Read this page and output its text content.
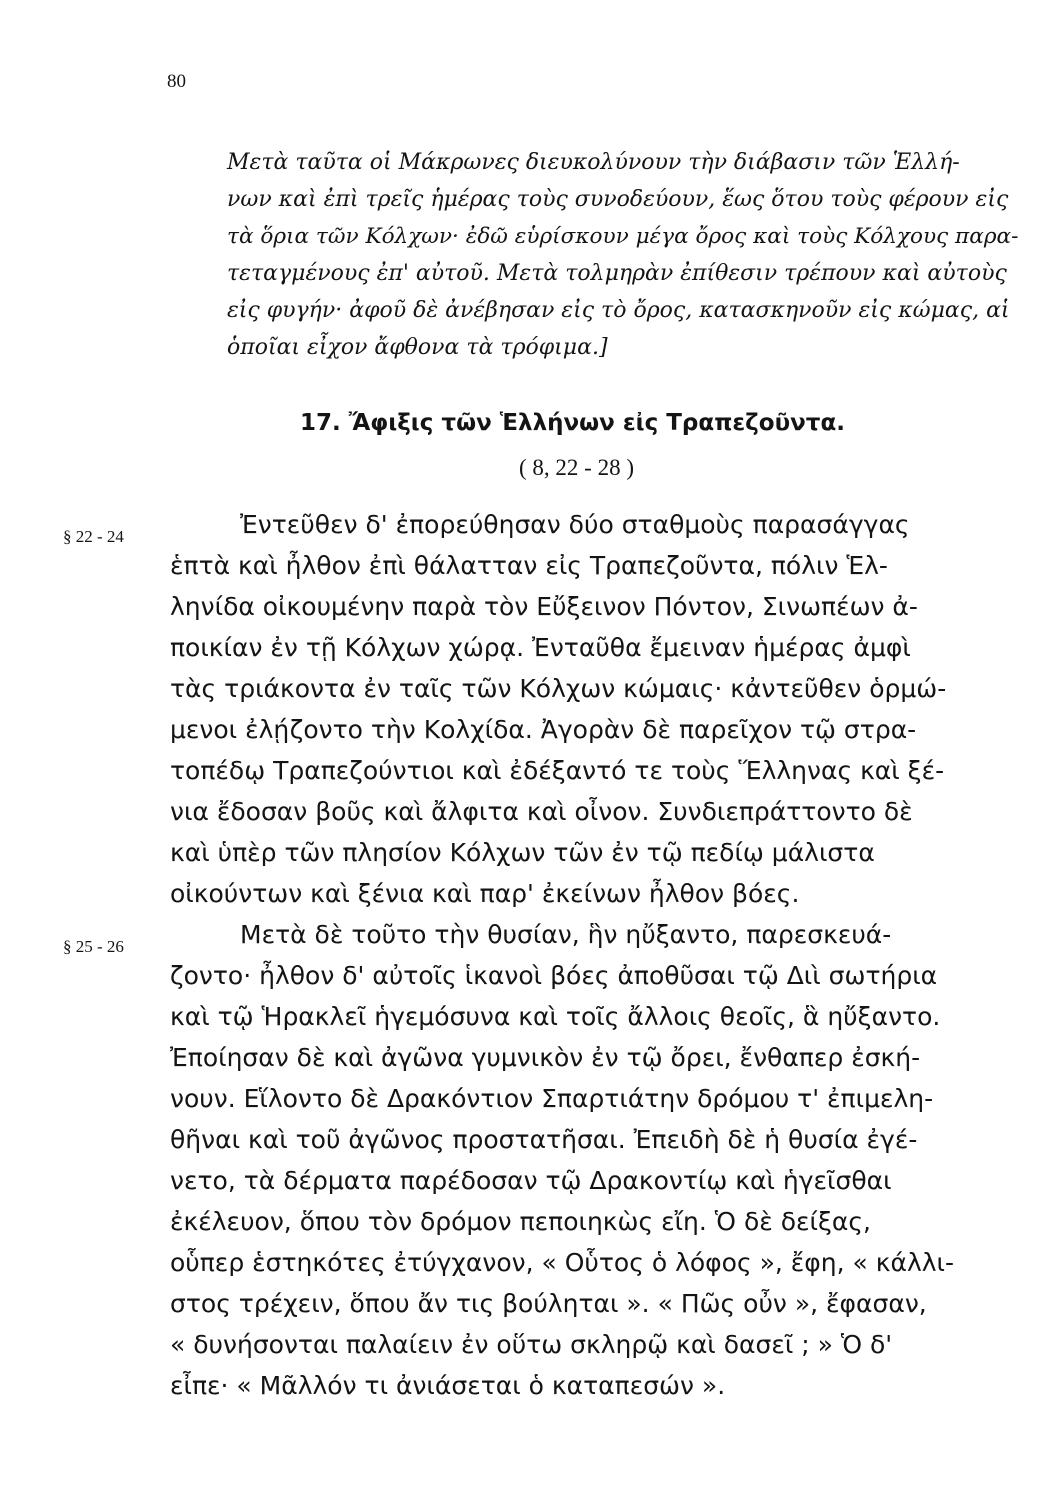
80
Μετὰ ταῦτα οἱ Μάκρωνες διευκολύνουν τὴν διάβασιν τῶν Ἑλλή-
νων καὶ ἐπὶ τρεῖς ἡμέρας τοὺς συνοδεύουν, ἕως ὅτου τοὺς φέρουν εἰς
τὰ ὅρια τῶν Κόλχων· ἐδῶ εὑρίσκουν μέγα ὄρος καὶ τοὺς Κόλχους παρα-
τεταγμένους ἐπ' αὐτοῦ. Μετὰ τολμηρὰν ἐπίθεσιν τρέπουν καὶ αὐτοὺς
εἰς φυγήν· ἀφοῦ δὲ ἀνέβησαν εἰς τὸ ὄρος, κατασκηνοῦν εἰς κώμας, αἱ
ὁποῖαι εἶχον ἄφθονα τὰ τρόφιμα.]
17. Ἄφιξις τῶν Ἑλλήνων εἰς Τραπεζοῦντα.
( 8, 22 - 28 )
§ 22 - 24
§ 25 - 26
Ἐντεῦθεν δ' ἐπορεύθησαν δύο σταθμοὺς παρασάγγας
ἑπτὰ καὶ ἦλθον ἐπὶ θάλατταν εἰς Τραπεζοῦντα, πόλιν Ἑλ-
ληνίδα οἰκουμένην παρὰ τὸν Εὔξεινον Πόντον, Σινωπέων ἀ-
ποικίαν ἐν τῇ Κόλχων χώρᾳ. Ἐνταῦθα ἔμειναν ἡμέρας ἀμφὶ
τὰς τριάκοντα ἐν ταῖς τῶν Κόλχων κώμαις· κἀντεῦθεν ὁρμώ-
μενοι ἐλῄζοντο τὴν Κολχίδα. Ἀγορὰν δὲ παρεῖχον τῷ στρα-
τοπέδῳ Τραπεζούντιοι καὶ ἐδέξαντό τε τοὺς Ἕλληνας καὶ ξέ-
νια ἔδοσαν βοῦς καὶ ἄλφιτα καὶ οἶνον. Συνδιεπράττοντο δὲ
καὶ ὑπὲρ τῶν πλησίον Κόλχων τῶν ἐν τῷ πεδίῳ μάλιστα
οἰκούντων καὶ ξένια καὶ παρ' ἐκείνων ἦλθον βόες.
Μετὰ δὲ τοῦτο τὴν θυσίαν, ἣν ηὔξαντο, παρεσκευά-
ζοντο· ἦλθον δ' αὐτοῖς ἱκανοὶ βόες ἀποθῦσαι τῷ Διὶ σωτήρια
καὶ τῷ Ἡρακλεῖ ἡγεμόσυνα καὶ τοῖς ἄλλοις θεοῖς, ἃ ηὔξαντο.
Ἐποίησαν δὲ καὶ ἀγῶνα γυμνικὸν ἐν τῷ ὄρει, ἔνθαπερ ἐσκή-
νουν. Εἵλοντο δὲ Δρακόντιον Σπαρτιάτην δρόμου τ' ἐπιμελη-
θῆναι καὶ τοῦ ἀγῶνος προστατῆσαι. Ἐπειδὴ δὲ ἡ θυσία ἐγέ-
νετο, τὰ δέρματα παρέδοσαν τῷ Δρακοντίῳ καὶ ἡγεῖσθαι
ἐκέλευον, ὅπου τὸν δρόμον πεποιηκὼς εἴη. Ὁ δὲ δείξας,
οὗπερ ἑστηκότες ἐτύγχανον, « Οὗτος ὁ λόφος », ἔφη, « κάλλι-
στος τρέχειν, ὅπου ἄν τις βούληται ». « Πῶς οὖν », ἔφασαν,
« δυνήσονται παλαίειν ἐν οὕτω σκληρῷ καὶ δασεῖ ; » Ὁ δ'
εἶπε· « Μᾶλλόν τι ἀνιάσεται ὁ καταπεσών ».
